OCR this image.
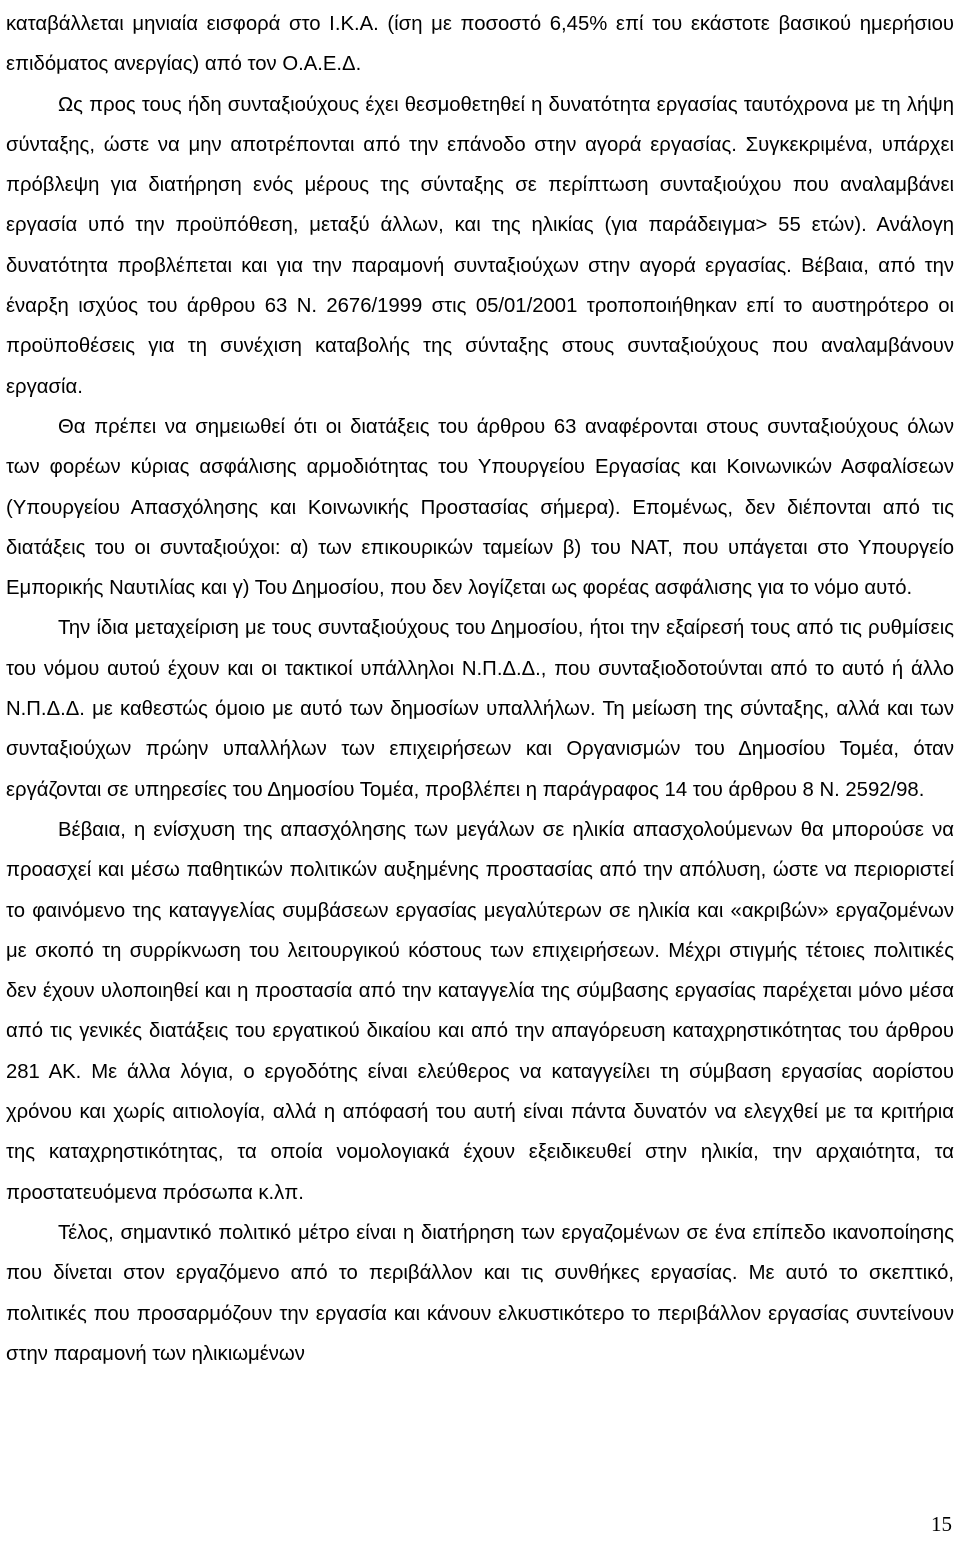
καταβάλλεται μηνιαία εισφορά στο Ι.Κ.Α. (ίση με ποσοστό 6,45% επί του εκάστοτε βασικού ημερήσιου επιδόματος ανεργίας) από τον Ο.Α.Ε.Δ.

Ως προς τους ήδη συνταξιούχους έχει θεσμοθετηθεί η δυνατότητα εργασίας ταυτόχρονα με τη λήψη σύνταξης, ώστε να μην αποτρέπονται από την επάνοδο στην αγορά εργασίας. Συγκεκριμένα, υπάρχει πρόβλεψη για διατήρηση ενός μέρους της σύνταξης σε περίπτωση συνταξιούχου που αναλαμβάνει εργασία υπό την προϋπόθεση, μεταξύ άλλων, και της ηλικίας (για παράδειγμα> 55 ετών). Ανάλογη δυνατότητα προβλέπεται και για την παραμονή συνταξιούχων στην αγορά εργασίας. Βέβαια, από την έναρξη ισχύος του άρθρου 63 Ν. 2676/1999 στις 05/01/2001 τροποποιήθηκαν επί το αυστηρότερο οι προϋποθέσεις για τη συνέχιση καταβολής της σύνταξης στους συνταξιούχους που αναλαμβάνουν εργασία.

Θα πρέπει να σημειωθεί ότι οι διατάξεις του άρθρου 63 αναφέρονται στους συνταξιούχους όλων των φορέων κύριας ασφάλισης αρμοδιότητας του Υπουργείου Εργασίας και Κοινωνικών Ασφαλίσεων (Υπουργείου Απασχόλησης και Κοινωνικής Προστασίας σήμερα). Επομένως, δεν διέπονται από τις διατάξεις του οι συνταξιούχοι: α) των επικουρικών ταμείων β) του ΝΑΤ, που υπάγεται στο Υπουργείο Εμπορικής Ναυτιλίας και γ) Του Δημοσίου, που δεν λογίζεται ως φορέας ασφάλισης για το νόμο αυτό.

Την ίδια μεταχείριση με τους συνταξιούχους του Δημοσίου, ήτοι την εξαίρεσή τους από τις ρυθμίσεις του νόμου αυτού έχουν και οι τακτικοί υπάλληλοι Ν.Π.Δ.Δ., που συνταξιοδοτούνται από το αυτό ή άλλο Ν.Π.Δ.Δ. με καθεστώς όμοιο με αυτό των δημοσίων υπαλλήλων. Τη μείωση της σύνταξης, αλλά και των συνταξιούχων πρώην υπαλλήλων των επιχειρήσεων και Οργανισμών του Δημοσίου Τομέα, όταν εργάζονται σε υπηρεσίες του Δημοσίου Τομέα, προβλέπει η παράγραφος 14 του άρθρου 8 Ν. 2592/98.

Βέβαια, η ενίσχυση της απασχόλησης των μεγάλων σε ηλικία απασχολούμενων θα μπορούσε να προασχεί και μέσω παθητικών πολιτικών αυξημένης προστασίας από την απόλυση, ώστε να περιοριστεί το φαινόμενο της καταγγελίας συμβάσεων εργασίας μεγαλύτερων σε ηλικία και «ακριβών» εργαζομένων με σκοπό τη συρρίκνωση του λειτουργικού κόστους των επιχειρήσεων. Μέχρι στιγμής τέτοιες πολιτικές δεν έχουν υλοποιηθεί και η προστασία από την καταγγελία της σύμβασης εργασίας παρέχεται μόνο μέσα από τις γενικές διατάξεις του εργατικού δικαίου και από την απαγόρευση καταχρηστικότητας του άρθρου 281 ΑΚ. Με άλλα λόγια, ο εργοδότης είναι ελεύθερος να καταγγείλει τη σύμβαση εργασίας αορίστου χρόνου και χωρίς αιτιολογία, αλλά η απόφασή του αυτή είναι πάντα δυνατόν να ελεγχθεί με τα κριτήρια της καταχρηστικότητας, τα οποία νομολογιακά έχουν εξειδικευθεί στην ηλικία, την αρχαιότητα, τα προστατευόμενα πρόσωπα κ.λπ.

Τέλος, σημαντικό πολιτικό μέτρο είναι η διατήρηση των εργαζομένων σε ένα επίπεδο ικανοποίησης που δίνεται στον εργαζόμενο από το περιβάλλον και τις συνθήκες εργασίας. Με αυτό το σκεπτικό, πολιτικές που προσαρμόζουν την εργασία και κάνουν ελκυστικότερο το περιβάλλον εργασίας συντείνουν στην παραμονή των ηλικιωμένων

15
